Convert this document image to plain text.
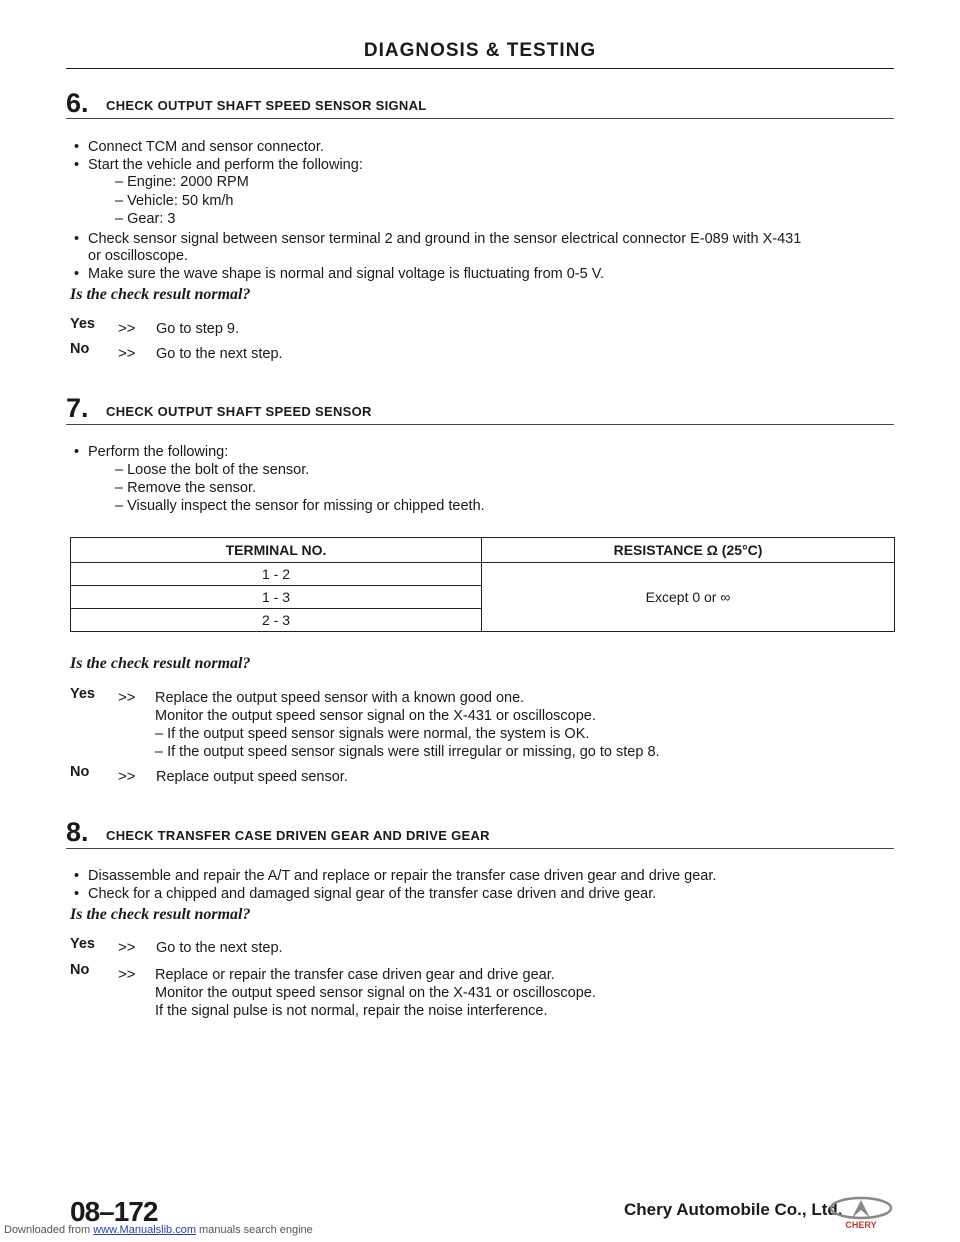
DIAGNOSIS & TESTING
6. CHECK OUTPUT SHAFT SPEED SENSOR SIGNAL
• Connect TCM and sensor connector.
• Start the vehicle and perform the following:
– Engine: 2000 RPM
– Vehicle: 50 km/h
– Gear: 3
• Check sensor signal between sensor terminal 2 and ground in the sensor electrical connector E-089 with X-431
or oscilloscope.
• Make sure the wave shape is normal and signal voltage is fluctuating from 0-5 V.
Is the check result normal?
Yes >> Go to step 9.
No >> Go to the next step.
7. CHECK OUTPUT SHAFT SPEED SENSOR
• Perform the following:
– Loose the bolt of the sensor.
– Remove the sensor.
– Visually inspect the sensor for missing or chipped teeth.
TERMINAL NO.	RESISTANCE Ω (25°C)
1 - 2	Except 0 or ∞
1 - 3	
2 - 3	
Is the check result normal?
Yes >> Replace the output speed sensor with a known good one.
Monitor the output speed sensor signal on the X-431 or oscilloscope.
– If the output speed sensor signals were normal, the system is OK.
– If the output speed sensor signals were still irregular or missing, go to step 8.
No >> Replace output speed sensor.
8. CHECK TRANSFER CASE DRIVEN GEAR AND DRIVE GEAR
• Disassemble and repair the A/T and replace or repair the transfer case driven gear and drive gear.
• Check for a chipped and damaged signal gear of the transfer case driven and drive gear.
Is the check result normal?
Yes >> Go to the next step.
No >> Replace or repair the transfer case driven gear and drive gear.
Monitor the output speed sensor signal on the X-431 or oscilloscope.
If the signal pulse is not normal, repair the noise interference.
08–172	Chery Automobile Co., Ltd.
CHERY
Downloaded from www.Manualslib.com manuals search engine
